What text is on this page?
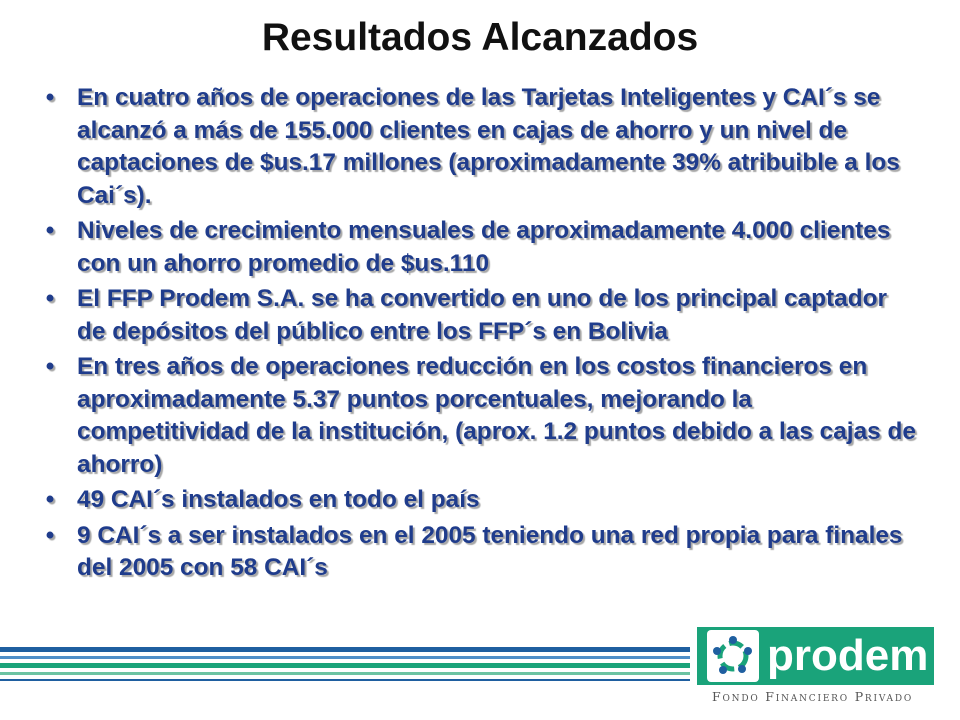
Resultados Alcanzados
• En cuatro años de operaciones de las Tarjetas Inteligentes y CAI´s se alcanzó a más de 155.000 clientes en cajas de ahorro y un nivel de captaciones de $us.17 millones (aproximadamente 39% atribuible a los Cai´s).
• Niveles de crecimiento mensuales de aproximadamente 4.000 clientes con un ahorro promedio de $us.110
• El FFP Prodem S.A. se ha convertido en uno de los principal captador de depósitos del público entre los FFP´s en Bolivia
• En tres años de operaciones reducción en los costos financieros en aproximadamente 5.37 puntos porcentuales, mejorando la competitividad de la institución, (aprox. 1.2 puntos debido a las cajas de ahorro)
• 49 CAI´s instalados en todo el país
• 9 CAI´s a ser instalados en el 2005 teniendo una red propia para finales del 2005 con 58 CAI´s
prodem
Fondo Financiero Privado
